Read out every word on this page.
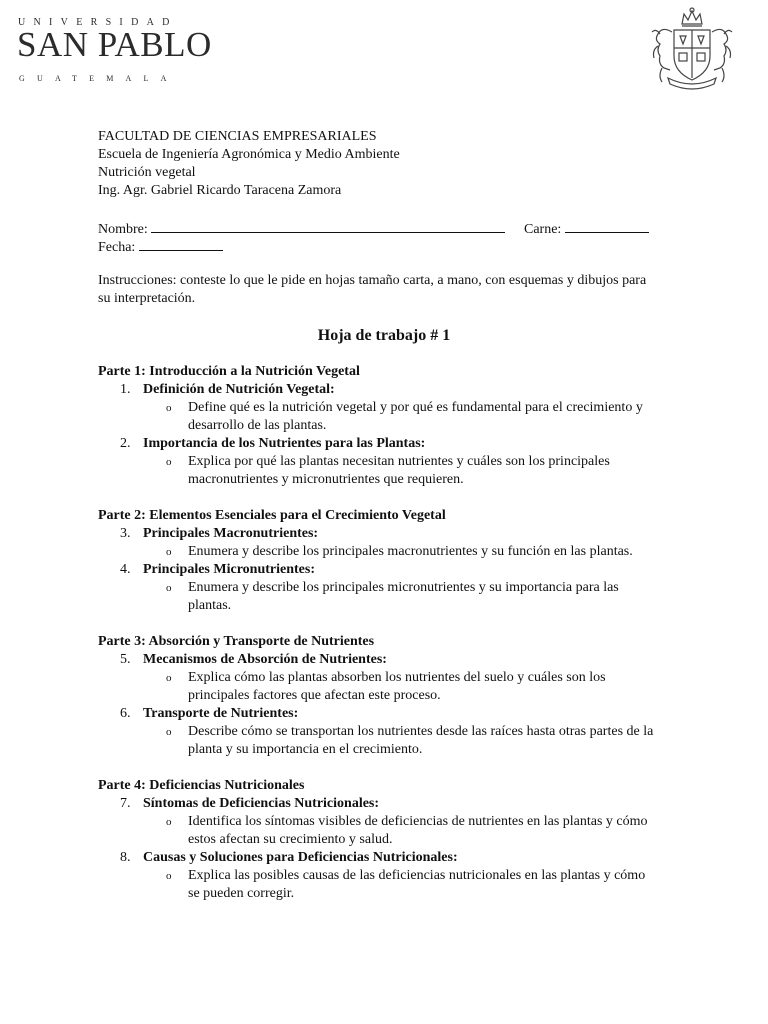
UNIVERSIDAD
SAN PABLO
GUATEMALA
FACULTAD DE CIENCIAS EMPRESARIALES
Escuela de Ingeniería Agronómica y Medio Ambiente
Nutrición vegetal
Ing. Agr. Gabriel Ricardo Taracena Zamora
Nombre:	Carne:
Fecha:
Instrucciones: conteste lo que le pide en hojas tamaño carta, a mano, con esquemas y dibujos para
su interpretación.
Hoja de trabajo # 1
Parte 1: Introducción a la Nutrición Vegetal
1. Definición de Nutrición Vegetal:
o Define qué es la nutrición vegetal y por qué es fundamental para el crecimiento y
desarrollo de las plantas.
2. Importancia de los Nutrientes para las Plantas:
o Explica por qué las plantas necesitan nutrientes y cuáles son los principales
macronutrientes y micronutrientes que requieren.
Parte 2: Elementos Esenciales para el Crecimiento Vegetal
3. Principales Macronutrientes:
o Enumera y describe los principales macronutrientes y su función en las plantas.
4. Principales Micronutrientes:
o Enumera y describe los principales micronutrientes y su importancia para las
plantas.
Parte 3: Absorción y Transporte de Nutrientes
5. Mecanismos de Absorción de Nutrientes:
o Explica cómo las plantas absorben los nutrientes del suelo y cuáles son los
principales factores que afectan este proceso.
6. Transporte de Nutrientes:
o Describe cómo se transportan los nutrientes desde las raíces hasta otras partes de la
planta y su importancia en el crecimiento.
Parte 4: Deficiencias Nutricionales
7. Síntomas de Deficiencias Nutricionales:
o Identifica los síntomas visibles de deficiencias de nutrientes en las plantas y cómo
estos afectan su crecimiento y salud.
8. Causas y Soluciones para Deficiencias Nutricionales:
o Explica las posibles causas de las deficiencias nutricionales en las plantas y cómo
se pueden corregir.
